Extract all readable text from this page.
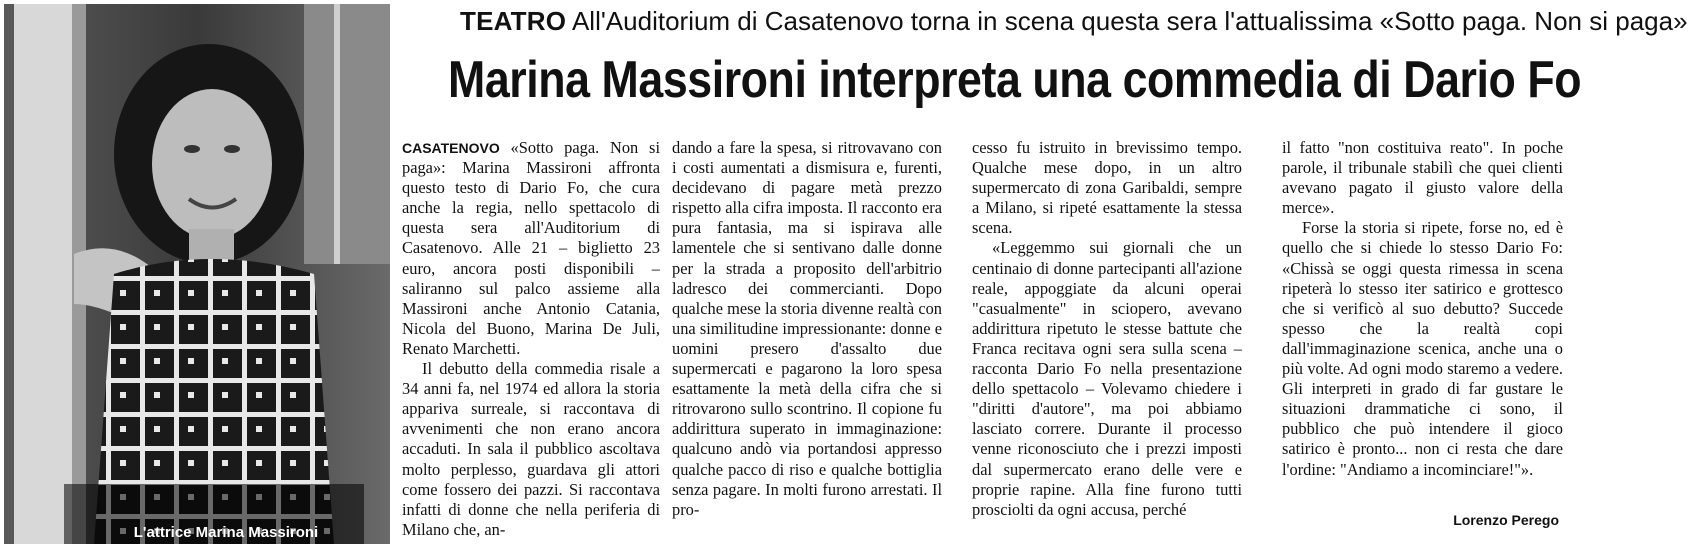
L'attrice Marina Massironi
TEATRO All'Auditorium di Casatenovo torna in scena questa sera l'attualissima «Sotto paga. Non si paga»
Marina Massironi interpreta una commedia di Dario Fo

CASATENOVO «Sotto paga. Non si paga»: Marina Massironi affronta questo testo di Dario Fo, che cura anche la regia, nello spettacolo di questa sera all'Auditorium di Casatenovo. Alle 21 – biglietto 23 euro, ancora posti disponibili – saliranno sul palco assieme alla Massironi anche Antonio Catania, Nicola del Buono, Marina De Juli, Renato Marchetti.

Il debutto della commedia risale a 34 anni fa, nel 1974 ed allora la storia appariva surreale, si raccontava di avvenimenti che non erano ancora accaduti. In sala il pubblico ascoltava molto perplesso, guardava gli attori come fossero dei pazzi. Si raccontava infatti di donne che nella periferia di Milano che, an-

dando a fare la spesa, si ritrovavano con i costi aumentati a dismisura e, furenti, decidevano di pagare metà prezzo rispetto alla cifra imposta. Il racconto era pura fantasia, ma si ispirava alle lamentele che si sentivano dalle donne per la strada a proposito dell'arbitrio ladresco dei commercianti. Dopo qualche mese la storia divenne realtà con una similitudine impressionante: donne e uomini presero d'assalto due supermercati e pagarono la loro spesa esattamente la metà della cifra che si ritrovarono sullo scontrino. Il copione fu addirittura superato in immaginazione: qualcuno andò via portandosi appresso qualche pacco di riso e qualche bottiglia senza pagare. In molti furono arrestati. Il pro-

cesso fu istruito in brevissimo tempo. Qualche mese dopo, in un altro supermercato di zona Garibaldi, sempre a Milano, si ripeté esattamente la stessa scena.

«Leggemmo sui giornali che un centinaio di donne partecipanti all'azione reale, appoggiate da alcuni operai "casualmente" in sciopero, avevano addirittura ripetuto le stesse battute che Franca recitava ogni sera sulla scena – racconta Dario Fo nella presentazione dello spettacolo – Volevamo chiedere i "diritti d'autore", ma poi abbiamo lasciato correre. Durante il processo venne riconosciuto che i prezzi imposti dal supermercato erano delle vere e proprie rapine. Alla fine furono tutti prosciolti da ogni accusa, perché

il fatto "non costituiva reato". In poche parole, il tribunale stabilì che quei clienti avevano pagato il giusto valore della merce».

Forse la storia si ripete, forse no, ed è quello che si chiede lo stesso Dario Fo: «Chissà se oggi questa rimessa in scena ripeterà lo stesso iter satirico e grottesco che si verificò al suo debutto? Succede spesso che la realtà copi dall'immaginazione scenica, anche una o più volte. Ad ogni modo staremo a vedere. Gli interpreti in grado di far gustare le situazioni drammatiche ci sono, il pubblico che può intendere il gioco satirico è pronto... non ci resta che dare l'ordine: "Andiamo a incominciare!"».

Lorenzo Perego
